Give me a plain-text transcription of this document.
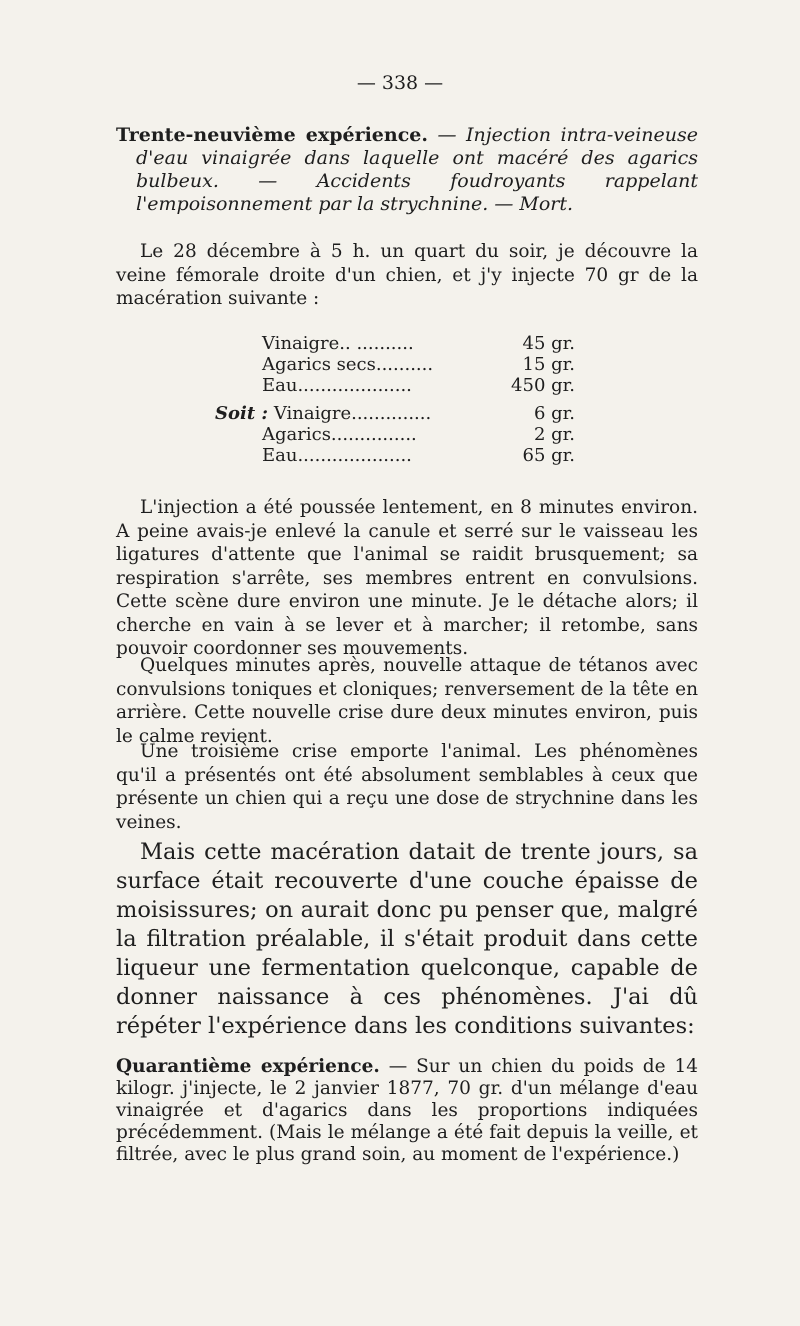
— 338 —

Trente-neuvième expérience. — Injection intra-veineuse d'eau vinaigrée dans laquelle ont macéré des agarics bulbeux. — Accidents foudroyants rappelant l'empoisonnement par la strychnine. — Mort.

Le 28 décembre à 5 h. un quart du soir, je découvre la veine fémorale droite d'un chien, et j'y injecte 70 gr de la macération suivante :

Vinaigre.. ..........	45 gr.
Agarics secs..........	15 gr.
Eau....................	450 gr.
Soit : Vinaigre..............	6 gr.
Agarics...............	2 gr.
Eau....................	65 gr.

L'injection a été poussée lentement, en 8 minutes environ. A peine avais-je enlevé la canule et serré sur le vaisseau les ligatures d'attente que l'animal se raidit brusquement; sa respiration s'arrête, ses membres entrent en convulsions. Cette scène dure environ une minute. Je le détache alors; il cherche en vain à se lever et à marcher; il retombe, sans pouvoir coordonner ses mouvements.

Quelques minutes après, nouvelle attaque de tétanos avec convulsions toniques et cloniques; renversement de la tête en arrière. Cette nouvelle crise dure deux minutes environ, puis le calme revient.

Une troisième crise emporte l'animal. Les phénomènes qu'il a présentés ont été absolument semblables à ceux que présente un chien qui a reçu une dose de strychnine dans les veines.

Mais cette macération datait de trente jours, sa surface était recouverte d'une couche épaisse de moisissures; on aurait donc pu penser que, malgré la filtration préalable, il s'était produit dans cette liqueur une fermentation quelconque, capable de donner naissance à ces phénomènes. J'ai dû répéter l'expérience dans les conditions suivantes:

Quarantième expérience. — Sur un chien du poids de 14 kilogr. j'injecte, le 2 janvier 1877, 70 gr. d'un mélange d'eau vinaigrée et d'agarics dans les proportions indiquées précédemment. (Mais le mélange a été fait depuis la veille, et filtrée, avec le plus grand soin, au moment de l'expérience.)
